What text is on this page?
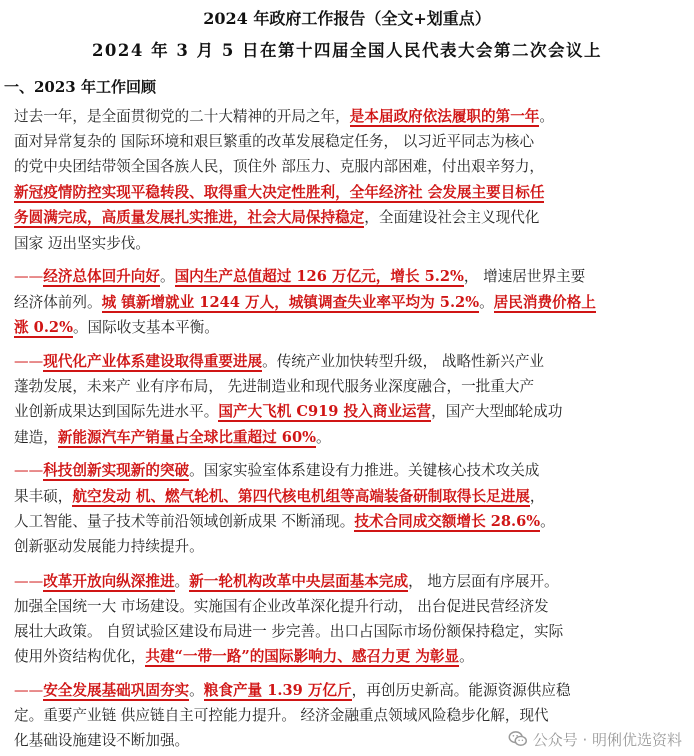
2024 年政府工作报告（全文+划重点）
2024 年 3 月 5 日在第十四届全国人民代表大会第二次会议上
一、2023 年工作回顾
过去一年，是全面贯彻党的二十大精神的开局之年，是本届政府依法履职的第一年。
面对异常复杂的 国际环境和艰巨繁重的改革发展稳定任务， 以习近平同志为核心
的党中央团结带领全国各族人民，顶住外 部压力、克服内部困难，付出艰辛努力，
新冠疫情防控实现平稳转段、取得重大决定性胜利，全年经济社 会发展主要目标任
务圆满完成，高质量发展扎实推进，社会大局保持稳定，全面建设社会主义现代化
国家 迈出坚实步伐。
——经济总体回升向好。国内生产总值超过 126 万亿元，增长 5.2%， 增速居世界主要
经济体前列。城 镇新增就业 1244 万人，城镇调查失业率平均为 5.2%。居民消费价格上
涨 0.2%。国际收支基本平衡。
——现代化产业体系建设取得重要进展。传统产业加快转型升级， 战略性新兴产业
蓬勃发展，未来产 业有序布局， 先进制造业和现代服务业深度融合，一批重大产
业创新成果达到国际先进水平。国产大飞机 C919 投入商业运营，国产大型邮轮成功
建造，新能源汽车产销量占全球比重超过 60%。
——科技创新实现新的突破。国家实验室体系建设有力推进。关键核心技术攻关成
果丰硕，航空发动 机、燃气轮机、第四代核电机组等高端装备研制取得长足进展，
人工智能、量子技术等前沿领域创新成果 不断涌现。技术合同成交额增长 28.6%。
创新驱动发展能力持续提升。
——改革开放向纵深推进。新一轮机构改革中央层面基本完成， 地方层面有序展开。
加强全国统一大 市场建设。实施国有企业改革深化提升行动， 出台促进民营经济发
展壮大政策。 自贸试验区建设布局进一 步完善。出口占国际市场份额保持稳定，实际
使用外资结构优化，共建“一带一路”的国际影响力、感召力更 为彰显。
——安全发展基础巩固夯实。粮食产量 1.39 万亿斤，再创历史新高。能源资源供应稳
定。重要产业链 供应链自主可控能力提升。 经济金融重点领域风险稳步化解，现代
化基础设施建设不断加强。	公众号 · 明俐优选资料
